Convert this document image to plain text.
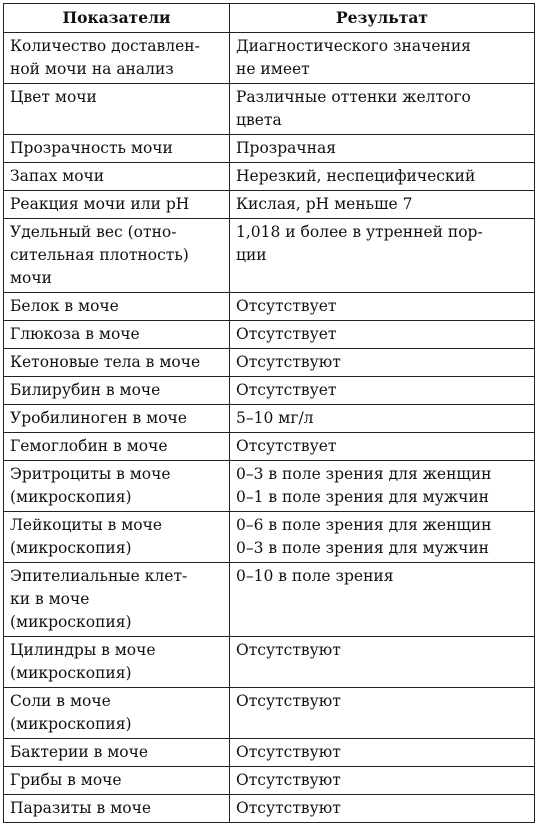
Показатели	Результат
Количество доставлен-
ной мочи на анализ	Диагностического значения
не имеет
Цвет мочи	Различные оттенки желтого
цвета
Прозрачность мочи	Прозрачная
Запах мочи	Нерезкий, неспецифический
Реакция мочи или pH	Кислая, pH меньше 7
Удельный вес (отно-
сительная плотность)
мочи	1,018 и более в утренней пор-
ции
Белок в моче	Отсутствует
Глюкоза в моче	Отсутствует
Кетоновые тела в моче	Отсутствуют
Билирубин в моче	Отсутствует
Уробилиноген в моче	5–10 мг/л
Гемоглобин в моче	Отсутствует
Эритроциты в моче
(микроскопия)	0–3 в поле зрения для женщин
0–1 в поле зрения для мужчин
Лейкоциты в моче
(микроскопия)	0–6 в поле зрения для женщин
0–3 в поле зрения для мужчин
Эпителиальные клет-
ки в моче
(микроскопия)	0–10 в поле зрения
Цилиндры в моче
(микроскопия)	Отсутствуют
Соли в моче
(микроскопия)	Отсутствуют
Бактерии в моче	Отсутствуют
Грибы в моче	Отсутствуют
Паразиты в моче	Отсутствуют
